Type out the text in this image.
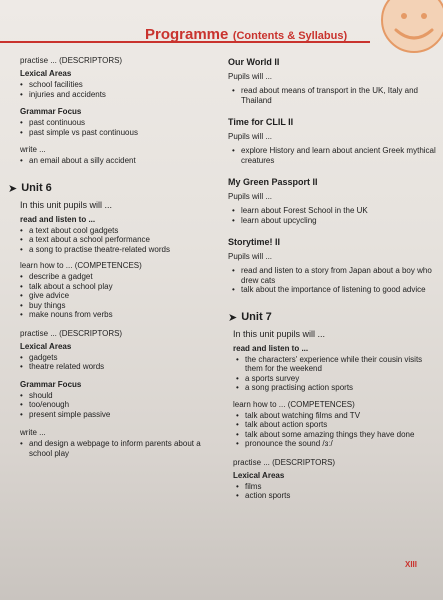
Programme (Contents & Syllabus)

practise ... (DESCRIPTORS)

Lexical Areas

• school facilities
• injuries and accidents

Grammar Focus

• past continuous
• past simple vs past continuous

write ...

• an email about a silly accident
➤ Unit 6

In this unit pupils will ...

read and listen to ...

• a text about cool gadgets
• a text about a school performance
• a song to practise theatre-related words

learn how to ... (COMPETENCES)

• describe a gadget
• talk about a school play
• give advice
• buy things
• make nouns from verbs

practise ... (DESCRIPTORS)

Lexical Areas

• gadgets
• theatre related words

Grammar Focus

• should
• too/enough
• present simple passive

write ...

• and design a webpage to inform parents about a school play

Our World II

Pupils will ...

• read about means of transport in the UK, Italy and Thailand

Time for CLIL II

Pupils will ...

• explore History and learn about ancient Greek mythical creatures

My Green Passport II

Pupils will ...

• learn about Forest School in the UK
• learn about upcycling

Storytime! II

Pupils will ...

• read and listen to a story from Japan about a boy who drew cats
• talk about the importance of listening to good advice
➤ Unit 7

In this unit pupils will ...

read and listen to ...

• the characters' experience while their cousin visits them for the weekend
• a sports survey
• a song practising action sports

learn how to ... (COMPETENCES)

• talk about watching films and TV
• talk about action sports
• talk about some amazing things they have done
• pronounce the sound /ɜː/

practise ... (DESCRIPTORS)

Lexical Areas

• films
• action sports
XIII
